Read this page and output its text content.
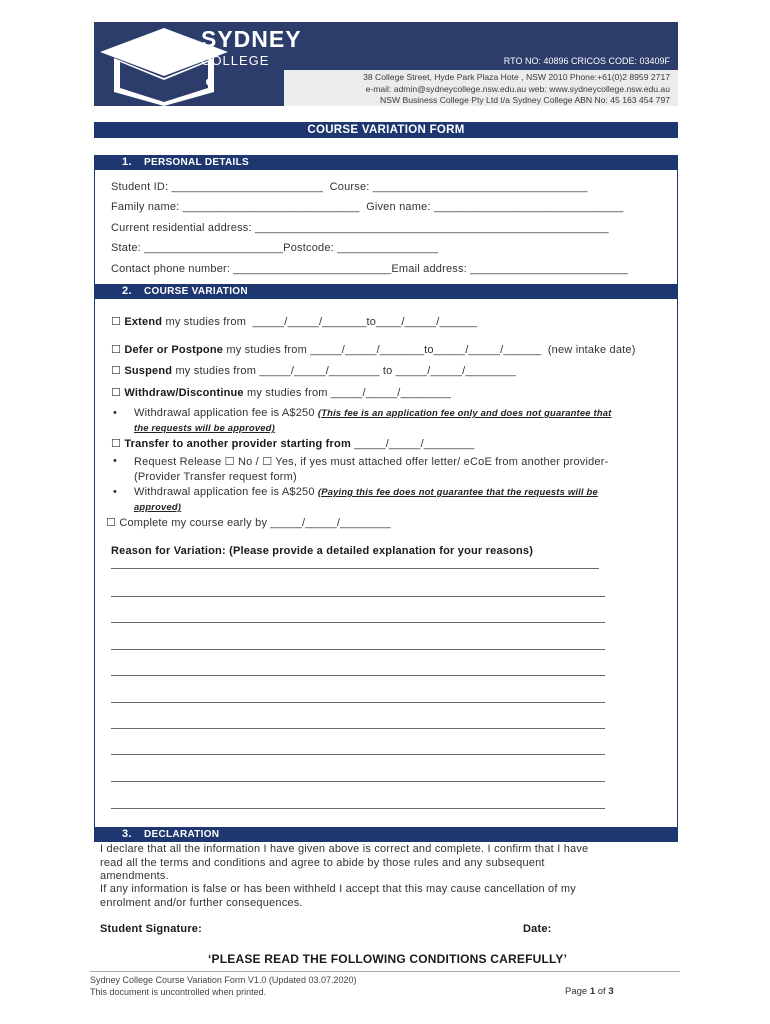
SYDNEY
COLLEGE	RTO NO: 40896 CRICOS CODE: 03409F
38 College Street, Hyde Park Plaza Hote , NSW 2010 Phone:+61(0)2 8959 2717
e-mail: admin@sydneycollege.nsw.edu.au web: www.sydneycollege.nsw.edu.au
NSW Business College Pty Ltd t/a Sydney College ABN No: 45 163 454 797
COURSE VARIATION FORM
1. PERSONAL DETAILS
Student ID: ________________________  Course: __________________________________
Family name: ____________________________  Given name: ______________________________
Current residential address: ________________________________________________________
State: ______________________Postcode: ________________
Contact phone number: _________________________Email address: _________________________
2. COURSE VARIATION
☐ Extend my studies from  _____/_____/_______to____/_____/______
☐ Defer or Postpone my studies from _____/_____/_______to_____/_____/______  (new intake date)
☐ Suspend my studies from _____/_____/________ to _____/_____/________
☐ Withdraw/Discontinue my studies from _____/_____/________
• Withdrawal application fee is A$250 (This fee is an application fee only and does not guarantee that
the requests will be approved)
☐ Transfer to another provider starting from _____/_____/________
• Request Release ☐ No / ☐ Yes, if yes must attached offer letter/ eCoE from another provider-
(Provider Transfer request form)
• Withdrawal application fee is A$250 (Paying this fee does not guarantee that the requests will be
approved)
☐ Complete my course early by _____/_____/________
Reason for Variation: (Please provide a detailed explanation for your reasons)
3. DECLARATION
I declare that all the information I have given above is correct and complete. I confirm that I have
read all the terms and conditions and agree to abide by those rules and any subsequent
amendments.
If any information is false or has been withheld I accept that this may cause cancellation of my
enrolment and/or further consequences.
Student Signature:	Date:
‘PLEASE READ THE FOLLOWING CONDITIONS CAREFULLY’
Sydney College Course Variation Form V1.0 (Updated 03.07.2020)
This document is uncontrolled when printed.	Page 1 of 3
